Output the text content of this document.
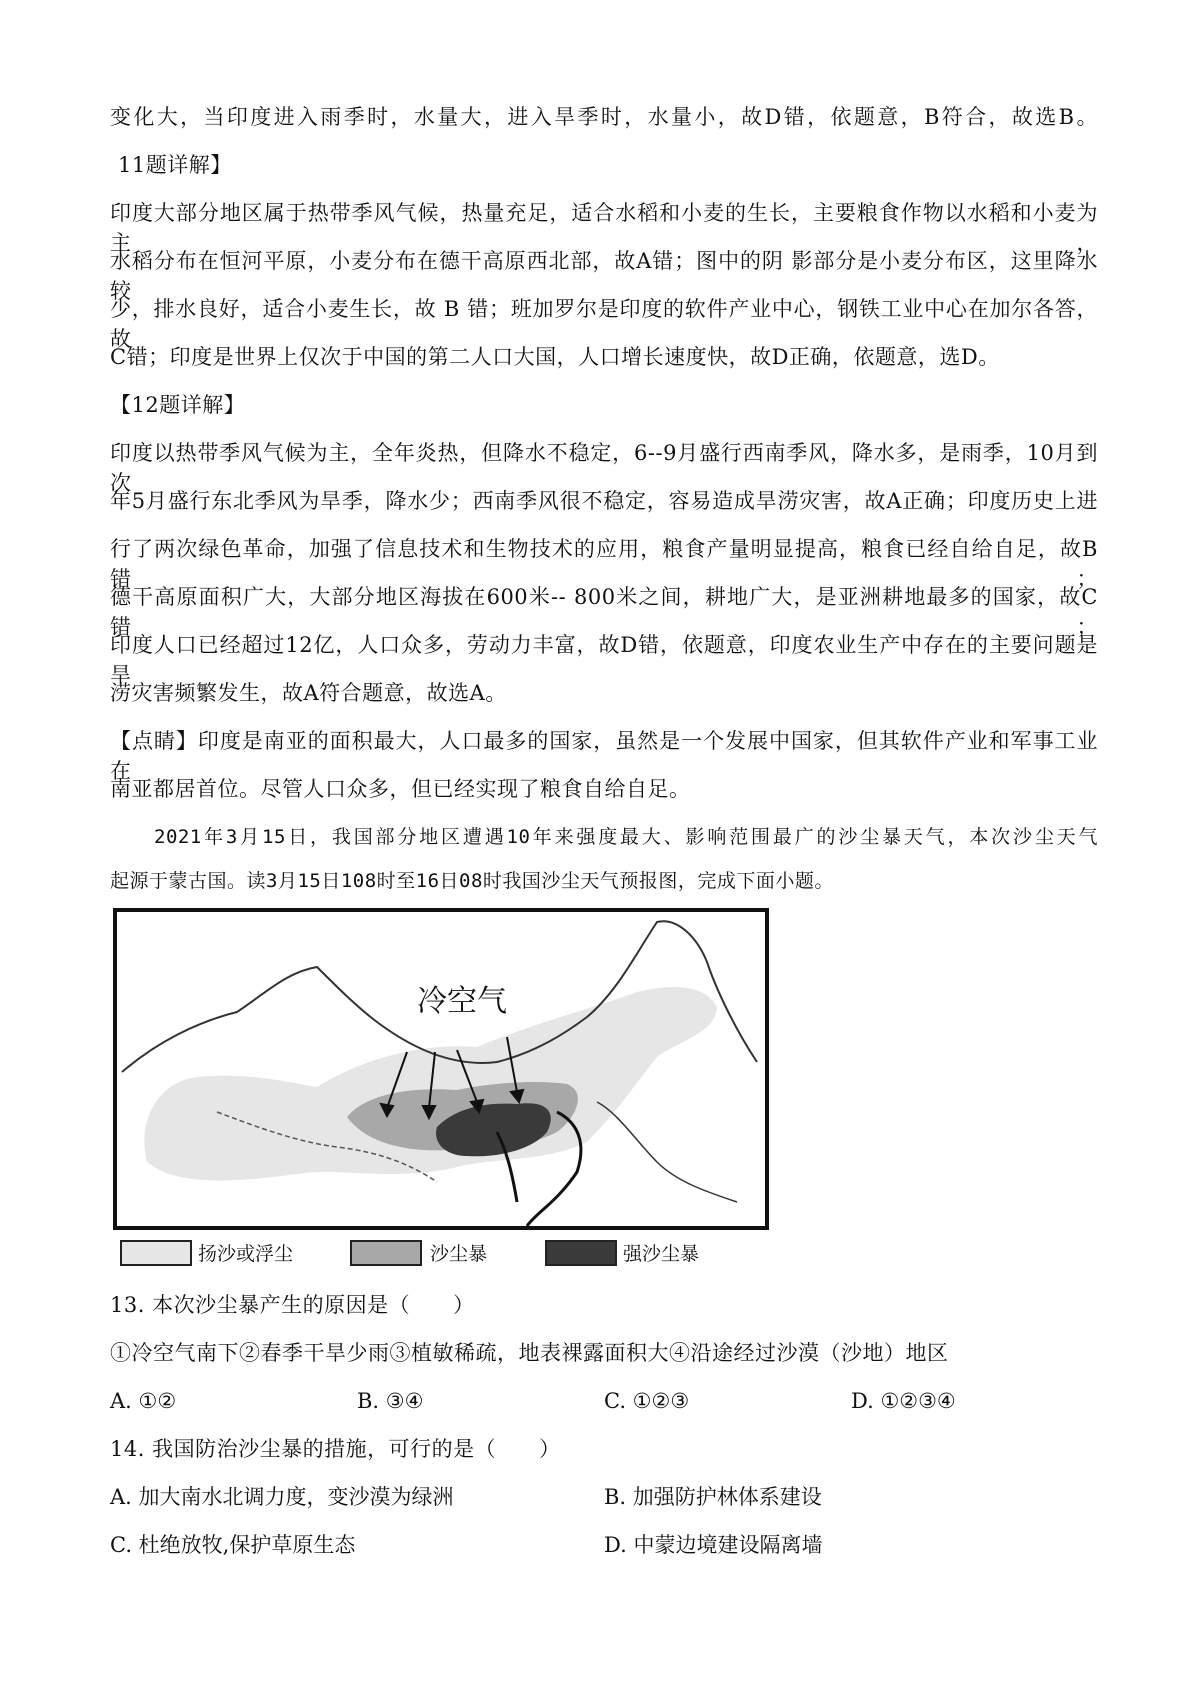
变化大，当印度进入雨季时，水量大，进入旱季时，水量小，故D错，依题意，B符合，故选B。
11题详解】
印度大部分地区属于热带季风气候，热量充足，适合水稻和小麦的生长，主要粮食作物以水稻和小麦为主，
水稻分布在恒河平原，小麦分布在德干高原西北部，故A错；图中的阴 影部分是小麦分布区，这里降水较
少，排水良好，适合小麦生长，故 B 错；班加罗尔是印度的软件产业中心，钢铁工业中心在加尔各答，故
C错；印度是世界上仅次于中国的第二人口大国，人口增长速度快，故D正确，依题意，选D。
【12题详解】
印度以热带季风气候为主，全年炎热，但降水不稳定，6--9月盛行西南季风，降水多，是雨季，10月到次
年5月盛行东北季风为旱季，降水少；西南季风很不稳定，容易造成旱涝灾害，故A正确；印度历史上进
行了两次绿色革命，加强了信息技术和生物技术的应用，粮食产量明显提高，粮食已经自给自足，故B错；
德干高原面积广大，大部分地区海拔在600米-- 800米之间，耕地广大，是亚洲耕地最多的国家，故C错；
印度人口已经超过12亿，人口众多，劳动力丰富，故D错，依题意，印度农业生产中存在的主要问题是旱
涝灾害频繁发生，故A符合题意，故选A。
【点睛】印度是南亚的面积最大，人口最多的国家，虽然是一个发展中国家，但其软件产业和军事工业在
南亚都居首位。尽管人口众多，但已经实现了粮食自给自足。
2021年3月15日，我国部分地区遭遇10年来强度最大、影响范围最广的沙尘暴天气，本次沙尘天气
起源于蒙古国。读3月15日108时至16日08时我国沙尘天气预报图，完成下面小题。
冷空气
扬沙或浮尘	沙尘暴	强沙尘暴
13. 本次沙尘暴产生的原因是（　　）
①冷空气南下②春季干旱少雨③植敏稀疏，地表裸露面积大④沿途经过沙漠（沙地）地区
A. ①②	B. ③④	C. ①②③	D. ①②③④
14. 我国防治沙尘暴的措施，可行的是（　　）
A. 加大南水北调力度，变沙漠为绿洲	B. 加强防护林体系建设
C. 杜绝放牧,保护草原生态	D. 中蒙边境建设隔离墙
